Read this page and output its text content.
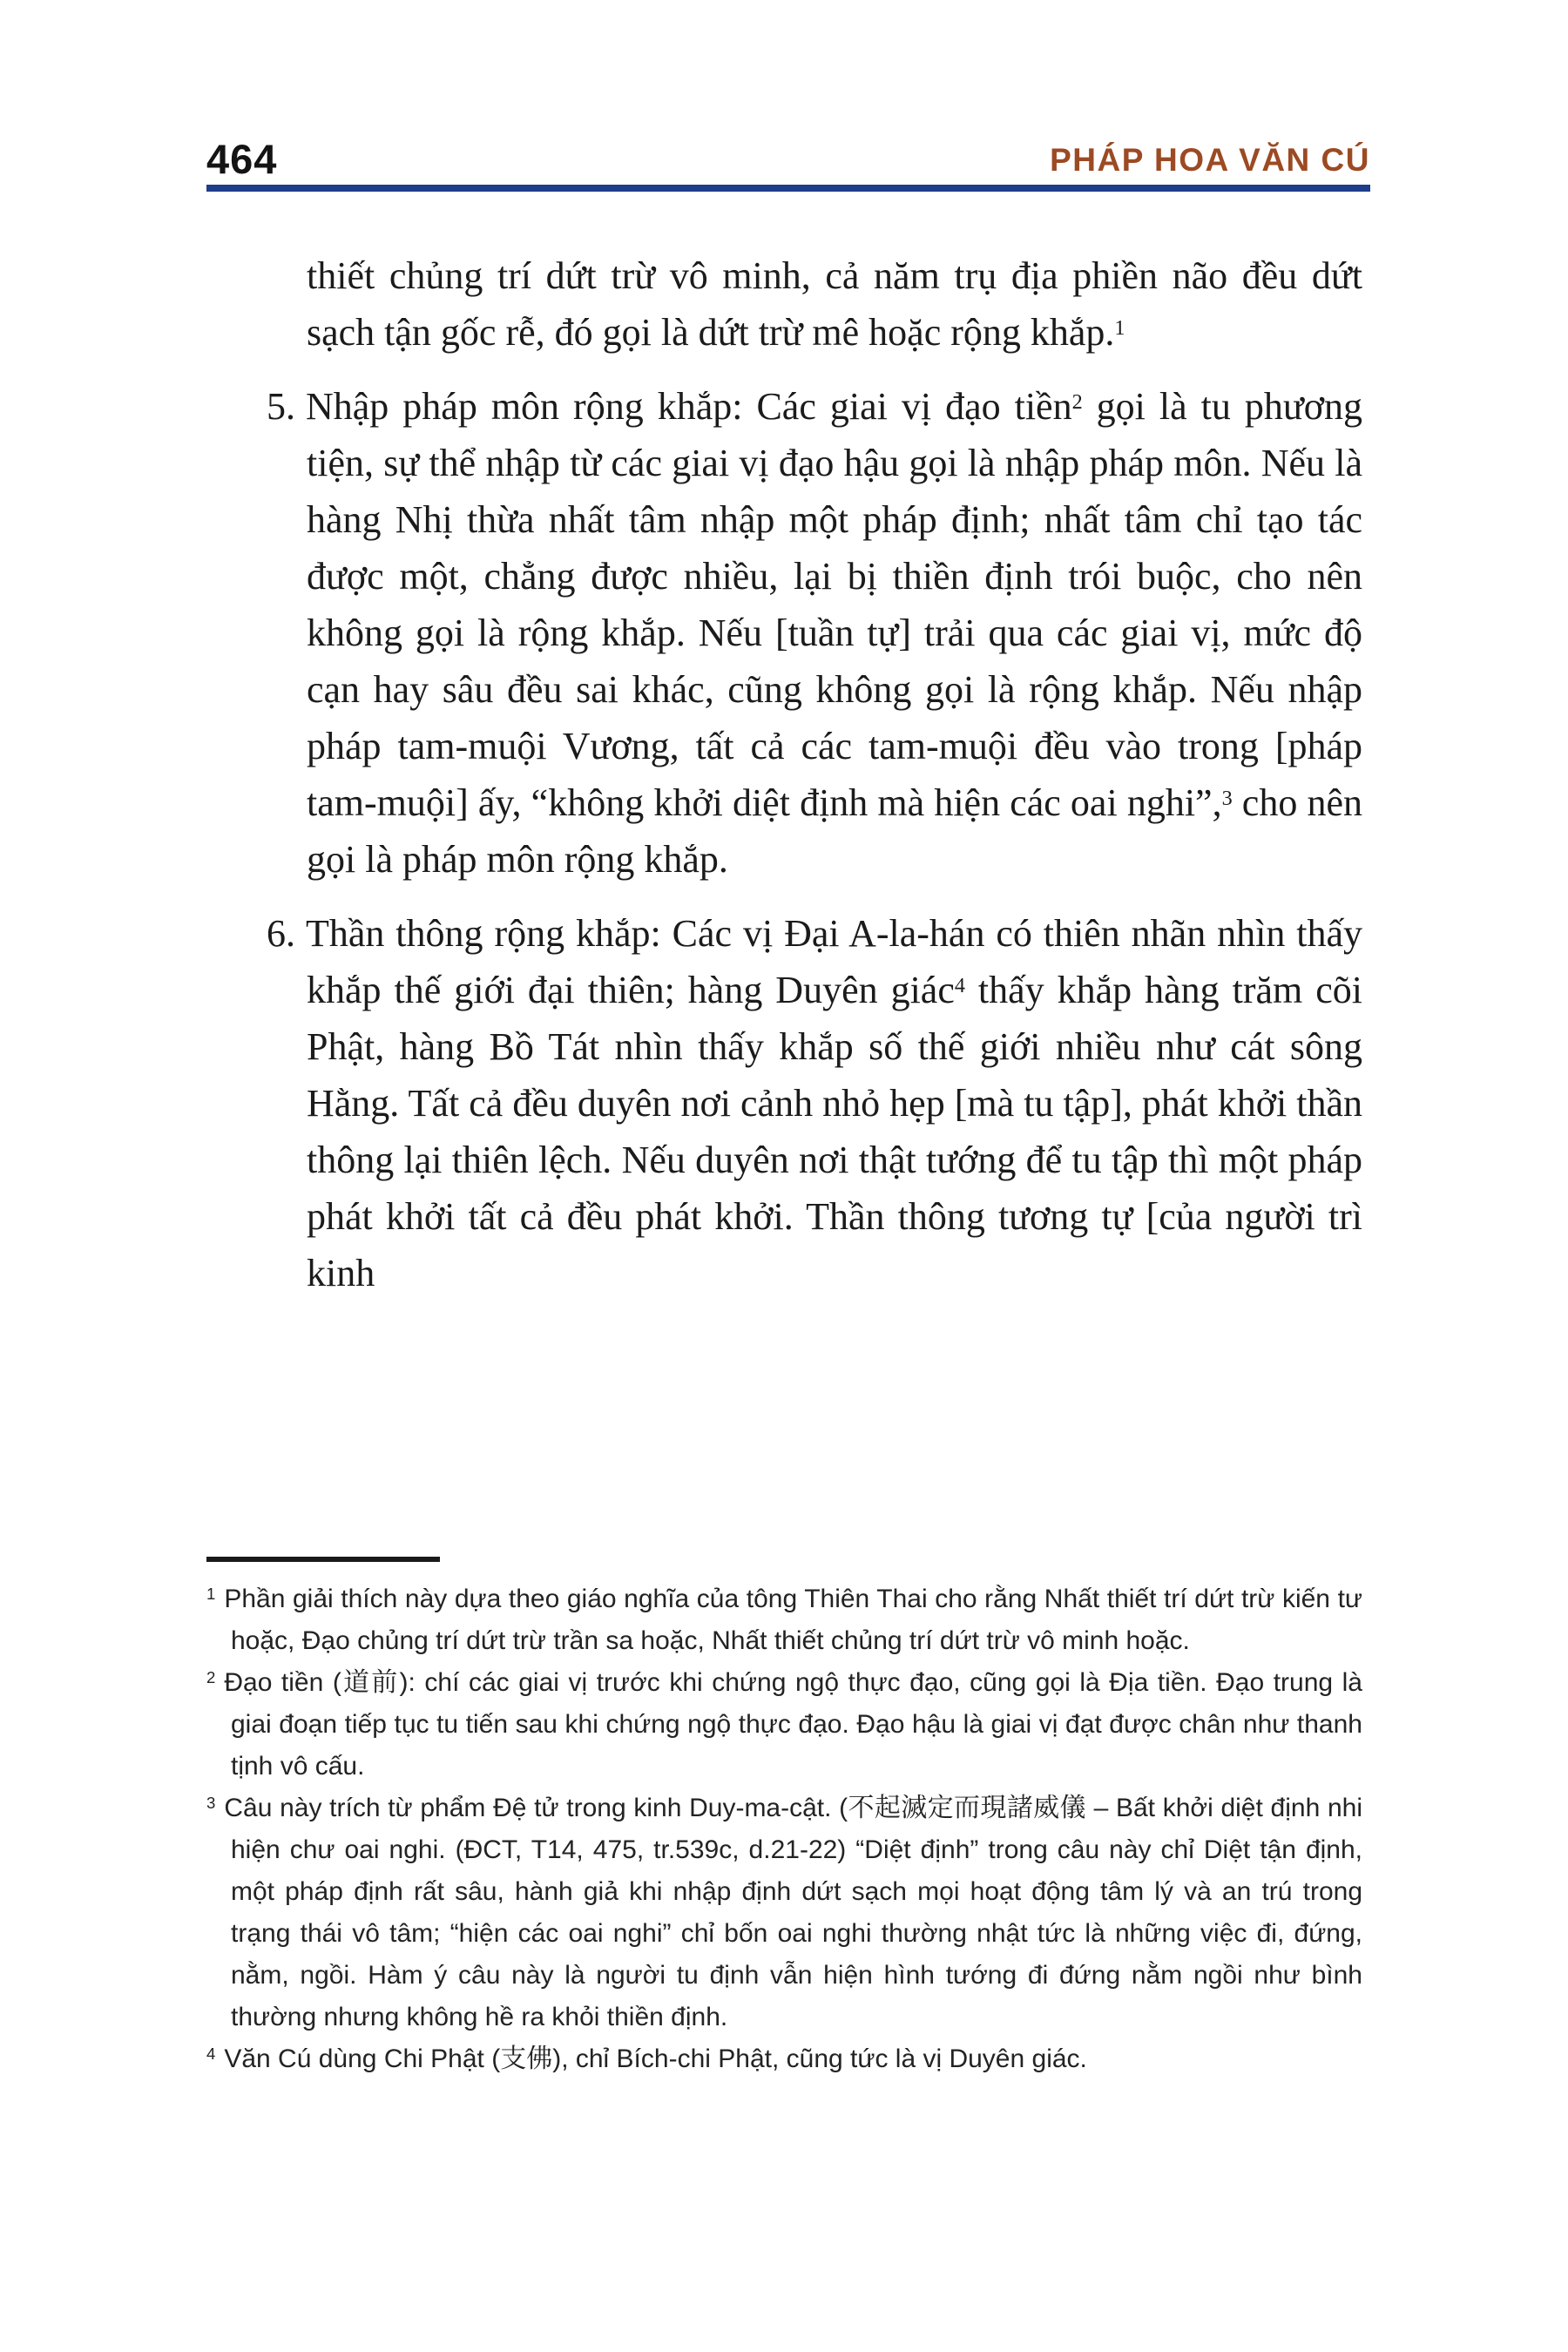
464	PHÁP HOA VĂN CÚ

thiết chủng trí dứt trừ vô minh, cả năm trụ địa phiền não đều dứt sạch tận gốc rễ, đó gọi là dứt trừ mê hoặc rộng khắp.$^1$

5. Nhập pháp môn rộng khắp: Các giai vị đạo tiền$^2$ gọi là tu phương tiện, sự thể nhập từ các giai vị đạo hậu gọi là nhập pháp môn. Nếu là hàng Nhị thừa nhất tâm nhập một pháp định; nhất tâm chỉ tạo tác được một, chẳng được nhiều, lại bị thiền định trói buộc, cho nên không gọi là rộng khắp. Nếu [tuần tự] trải qua các giai vị, mức độ cạn hay sâu đều sai khác, cũng không gọi là rộng khắp. Nếu nhập pháp tam-muội Vương, tất cả các tam-muội đều vào trong [pháp tam-muội] ấy, “không khởi diệt định mà hiện các oai nghi”,$^3$ cho nên gọi là pháp môn rộng khắp.

6. Thần thông rộng khắp: Các vị Đại A-la-hán có thiên nhãn nhìn thấy khắp thế giới đại thiên; hàng Duyên giác$^4$ thấy khắp hàng trăm cõi Phật, hàng Bồ Tát nhìn thấy khắp số thế giới nhiều như cát sông Hằng. Tất cả đều duyên nơi cảnh nhỏ hẹp [mà tu tập], phát khởi thần thông lại thiên lệch. Nếu duyên nơi thật tướng để tu tập thì một pháp phát khởi tất cả đều phát khởi. Thần thông tương tự [của người trì kinh

$^1$ Phần giải thích này dựa theo giáo nghĩa của tông Thiên Thai cho rằng Nhất thiết trí dứt trừ kiến tư hoặc, Đạo chủng trí dứt trừ trần sa hoặc, Nhất thiết chủng trí dứt trừ vô minh hoặc.

$^2$ Đạo tiền (道前): chí các giai vị trước khi chứng ngộ thực đạo, cũng gọi là Địa tiền. Đạo trung là giai đoạn tiếp tục tu tiến sau khi chứng ngộ thực đạo. Đạo hậu là giai vị đạt được chân như thanh tịnh vô cấu.

$^3$ Câu này trích từ phẩm Đệ tử trong kinh Duy-ma-cật. (不起滅定而現諸威儀 – Bất khởi diệt định nhi hiện chư oai nghi. (ĐCT, T14, 475, tr.539c, d.21-22) “Diệt định” trong câu này chỉ Diệt tận định, một pháp định rất sâu, hành giả khi nhập định dứt sạch mọi hoạt động tâm lý và an trú trong trạng thái vô tâm; “hiện các oai nghi” chỉ bốn oai nghi thường nhật tức là những việc đi, đứng, nằm, ngồi. Hàm ý câu này là người tu định vẫn hiện hình tướng đi đứng nằm ngồi như bình thường nhưng không hề ra khỏi thiền định.

$^4$ Văn Cú dùng Chi Phật (支佛), chỉ Bích-chi Phật, cũng tức là vị Duyên giác.
